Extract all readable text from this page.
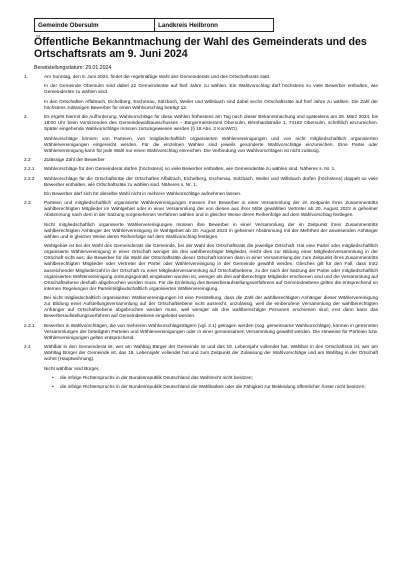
Gemeinde Obersulm	Landkreis Heilbronn
Öffentliche Bekanntmachung der Wahl des Gemeinderats und des Ortschaftsrats am 9. Juni 2024
Bereitstellungsdatum: 29.01.2024
1.	Am Sonntag, den 9. Juni 2024, findet die regelmäßige Wahl des Gemeinderats und des Ortschaftsrats statt.
In der Gemeinde Obersulm sind dabei 22 Gemeinderäte auf fünf Jahre zu wählen. Ein Wahlvorschlag darf höchstens so viele Bewerber enthalten, wie Gemeinderäte zu wählen sind.
In den Ortschaften Affaltrach, Eichelberg, Eschenau, Sülzbach, Weiler und Willsbach sind dabei sechs Ortschaftsräte auf fünf Jahre zu wählen. Die Zahl der höchstens zulässigen Bewerber für einen Wahlvorschlag beträgt 12.
2.	Es ergeht hiermit die Aufforderung, Wahlvorschläge für diese Wahlen frühestens am Tag nach dieser Bekanntmachung und spätestens am 28. März 2024, bis 18:00 Uhr beim Vorsitzenden des Gemeindewahlausschusses – Bürgermeisteramt Obersulm, Bernhardstraße 1, 74182 Obersulm, schriftlich einzureichen. Später eingehende Wahlvorschläge müssen zurückgewiesen werden (§ 18 Abs. 2 KomWO).
Wahlvorschläge können von Parteien, von mitgliedschaftlich organisierten Wählervereinigungen und von nicht mitgliedschaftlich organisierten Wählervereinigungen eingereicht werden. Für die einzelnen Wahlen sind jeweils gesonderte Wahlvorschläge einzureichen. Eine Partei oder Wählervereinigung kann für jede Wahl nur einen Wahlvorschlag einreichen. Die Verbindung von Wahlvorschlägen ist nicht zulässig.
2.2	Zulässige Zahl der Bewerber
2.2.1	Wahlvorschläge für den Gemeinderat dürfen (höchstens) so viele Bewerber enthalten, wie Gemeinderäte zu wählen sind. Näheres s. Nr. 1.
2.2.2	Wahlvorschläge für die Ortschaftsräte der Ortschaften Affaltrach, Eichelberg, Eschenau, Sülzbach, Weiler und Willsbach dürfen (höchstens) doppelt so viele Bewerber enthalten, wie Ortschaftsräte zu wählen sind. Näheres s. Nr. 1.
Ein Bewerber darf sich für dieselbe Wahl nicht in mehrere Wahlvorschläge aufnehmen lassen.
2.3	Parteien und mitgliedschaftlich organisierte Wählervereinigungen müssen ihre Bewerber in einer Versammlung der im Zeitpunkt ihres Zusammentritts wahlberechtigten Mitglieder im Wahlgebiet oder in einer Versammlung der von diesen aus ihrer Mitte gewählten Vertreter ab 20. August 2023 in geheimer Abstimmung nach dem in der Satzung vorgesehenen Verfahren wählen und in gleicher Weise deren Reihenfolge auf dem Wahlvorschlag festlegen.
Nicht mitgliedschaftlich organisierte Wählervereinigungen müssen ihre Bewerber in einer Versammlung der im Zeitpunkt ihres Zusammentritts wahlberechtigten Anhänger der Wählervereinigung im Wahlgebiet ab 20. August 2023 in geheimer Abstimmung mit der Mehrheit der anwesenden Anhänger wählen und in gleicher Weise deren Reihenfolge auf dem Wahlvorschlag festlegen.
Wahlgebiet ist bei der Wahl des Gemeinderats die Gemeinde, bei der Wahl des Ortschaftsrats die jeweilige Ortschaft. Hat eine Partei oder mitgliedschaftlich organisierte Wählervereinigung in einer Ortschaft weniger als drei wahlberechtigte Mitglieder, reicht dies zur Bildung einer Mitgliederversammlung in der Ortschaft nicht aus; die Bewerber für die Wahl der Ortschaftsräte dieser Ortschaft können dann in einer Versammlung der zum Zeitpunkt ihres Zusammentritts wahlberechtigten Mitglieder oder Vertreter der Partei oder Wählervereinigung in der Gemeinde gewählt werden. Gleiches gilt für den Fall, dass trotz ausreichender Mitgliederzahl in der Ortschaft zu einer Mitgliederversammlung auf Ortschaftsebene, zu der nach der Satzung der Partei oder mitgliedschaftlich organisierten Wählervereinigung ordnungsgemäß eingeladen worden ist, weniger als drei wahlberechtigte Mitglieder erschienen sind und die Versammlung auf Ortschaftsebene deshalb abgebrochen worden muss. Für die Einleitung des Bewerberaufstellungsverfahrens auf Gemeindeebene gelten die entsprechend en internen Regelungen der Partei/mitgliedschaftlich organisierten Wählervereinigung.
Bei nicht mitgliedschaftlich organisierten Wählervereinigungen ist eine Feststellung, dass die Zahl der wahlberechtigten Anhänger dieser Wählervereinigung zur Bildung einer Aufstellungsversammlung auf der Ortschaftsebene nicht ausreicht, unzulässig, weil die einberufene Versammlung der wahlberechtigten Anhänger auf Ortschaftsebene abgebrochen werden muss, weil weniger als drei wahlberechtigte Personen erschienen sind; erst dann kann das Bewerberaufstellungsverfahren auf Gemeindeebene eingeleitet werden.
2.3.1	Bewerber in Wahlvorschlägen, die von mehreren Wahlvorschlagsträgern (vgl. 2.1) getragen werden (sog. gemeinsame Wahlvorschläge), können in getrennten Versammlungen der beteiligten Parteien und Wählervereinigungen oder in einer gemeinsamen Versammlung gewählt werden. Die Hinweise für Parteien bzw. Wählervereinigungen gelten entsprechend.
2.4	Wählbar in den Gemeinderat ist, wer am Wahltag Bürger der Gemeinde ist und das 18. Lebensjahr vollendet hat. Wählbar in den Ortschaftsrat ist, wer am Wahltag Bürger der Gemeinde ist, das 18. Lebensjahr vollendet hat und zum Zeitpunkt der Zulassung der Wahlvorschläge und am Wahltag in der Ortschaft wohnt (Hauptwohnung).
Nicht wählbar sind Bürger,
•	die infolge Richterspruchs in der Bundesrepublik Deutschland das Wahlrecht nicht besitzen;
•	die infolge Richterspruchs in der Bundesrepublik Deutschland die Wählbarkeit oder die Fähigkeit zur Bekleidung öffentlicher Ämter nicht besitzen;
